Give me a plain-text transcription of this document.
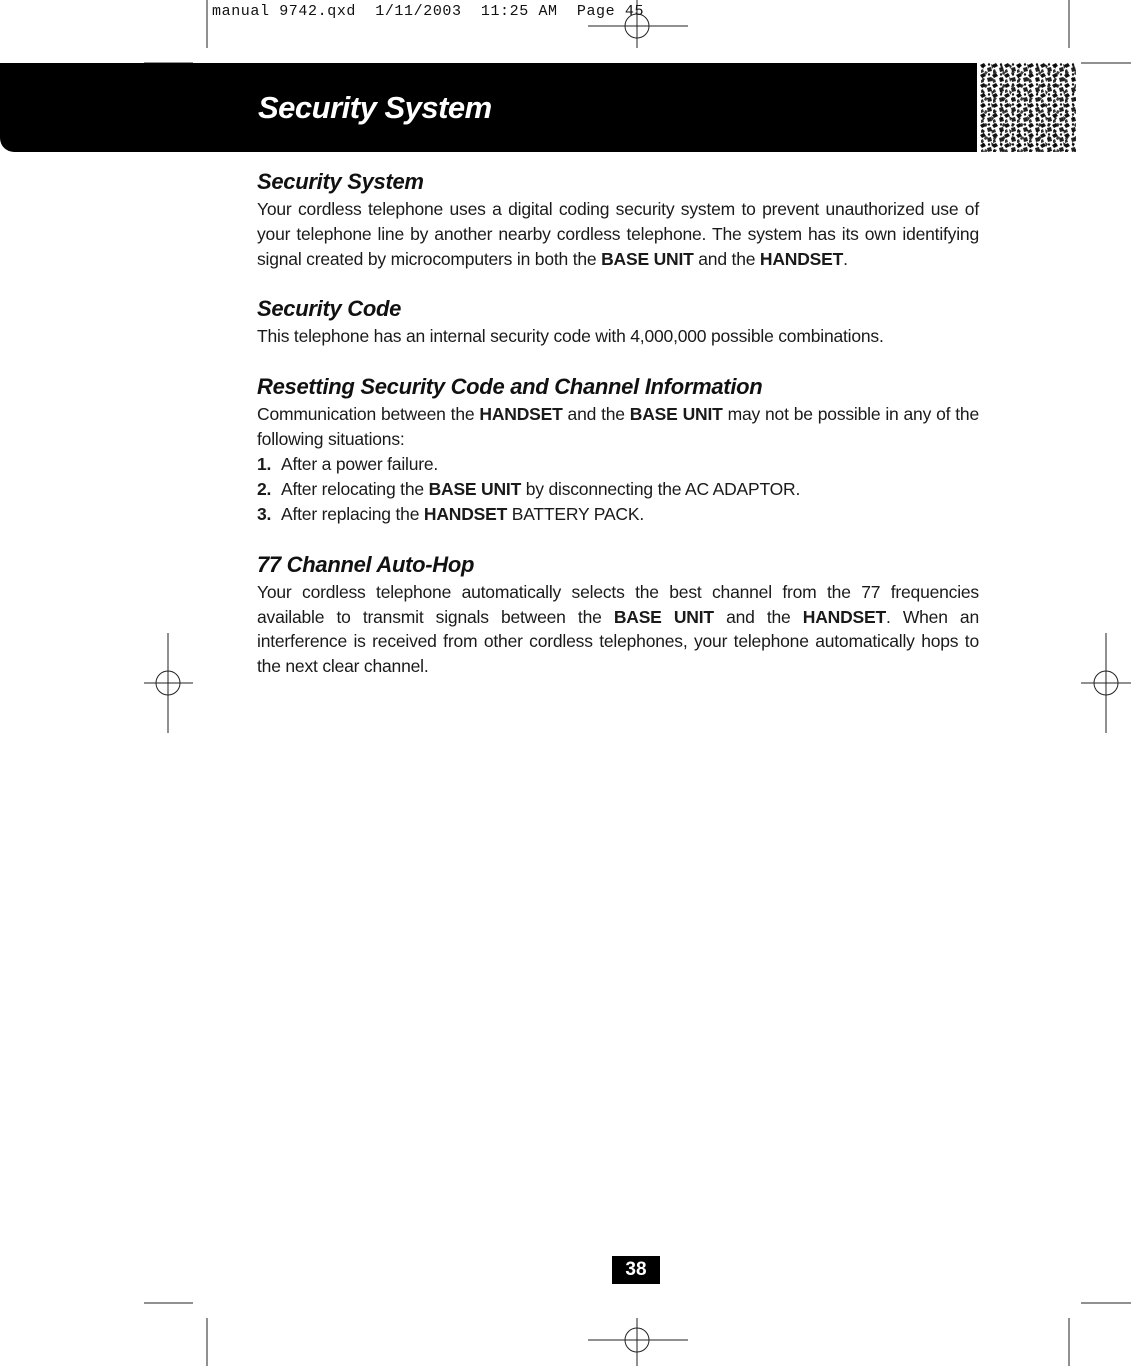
manual 9742.qxd  1/11/2003  11:25 AM  Page 45
Security System
Security System

Your cordless telephone uses a digital coding security system to prevent unauthorized use of your telephone line by another nearby cordless telephone. The system has its own identifying signal created by microcomputers in both the BASE UNIT and the HANDSET.

Security Code

This telephone has an internal security code with 4,000,000 possible combinations.

Resetting Security Code and Channel Information

Communication between the HANDSET and the BASE UNIT may not be possible in any of the following situations:

1. After a power failure.
2. After relocating the BASE UNIT by disconnecting the AC ADAPTOR.
3. After replacing the HANDSET BATTERY PACK.
77 Channel Auto-Hop

Your cordless telephone automatically selects the best channel from the 77 frequencies available to transmit signals between the BASE UNIT and the HANDSET. When an interference is received from other cordless telephones, your telephone automatically hops to the next clear channel.

38
